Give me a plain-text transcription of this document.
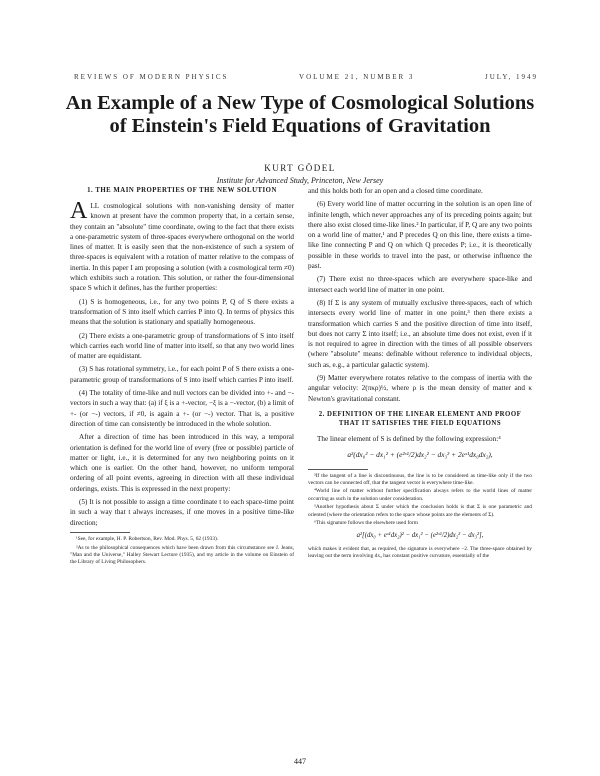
REVIEWS OF MODERN PHYSICS	VOLUME 21, NUMBER 3	JULY, 1949
An Example of a New Type of Cosmological Solutions of Einstein's Field Equations of Gravitation
KURT GÖDEL
Institute for Advanced Study, Princeton, New Jersey
1. THE MAIN PROPERTIES OF THE NEW SOLUTION

ALL cosmological solutions with non-vanishing density of matter known at present have the common property that, in a certain sense, they contain an "absolute" time coordinate, owing to the fact that there exists a one-parametric system of three-spaces everywhere orthogonal on the world lines of matter. It is easily seen that the non-existence of such a system of three-spaces is equivalent with a rotation of matter relative to the compass of inertia. In this paper I am proposing a solution (with a cosmological term ≠0) which exhibits such a rotation. This solution, or rather the four-dimensional space S which it defines, has the further properties:

(1) S is homogeneous, i.e., for any two points P, Q of S there exists a transformation of S into itself which carries P into Q. In terms of physics this means that the solution is stationary and spatially homogeneous.

(2) There exists a one-parametric group of transformations of S into itself which carries each world line of matter into itself, so that any two world lines of matter are equidistant.

(3) S has rotational symmetry, i.e., for each point P of S there exists a one-parametric group of transformations of S into itself which carries P into itself.

(4) The totality of time-like and null vectors can be divided into +- and −-vectors in such a way that: (a) if ξ is a +-vector, −ξ is a −-vector, (b) a limit of +- (or −-) vectors, if ≠0, is again a +- (or −-) vector. That is, a positive direction of time can consistently be introduced in the whole solution.

After a direction of time has been introduced in this way, a temporal orientation is defined for the world line of every (free or possible) particle of matter or light, i.e., it is determined for any two neighboring points on it which one is earlier. On the other hand, however, no uniform temporal ordering of all point events, agreeing in direction with all these individual orderings, exists. This is expressed in the next property:

(5) It is not possible to assign a time coordinate t to each space-time point in such a way that t always increases, if one moves in a positive time-like direction;

¹See, for example, H. P. Robertson, Rev. Mod. Phys. 5, 62 (1933).
²As to the philosophical consequences which have been drawn from this circumstance see J. Jeans, "Man and the Universe," Halley Stewart Lecture (1935), and my article in the volume on Einstein of the Library of Living Philosophers.

and this holds both for an open and a closed time coordinate.

(6) Every world line of matter occurring in the solution is an open line of infinite length, which never approaches any of its preceding points again; but there also exist closed time-like lines.² In particular, if P, Q are any two points on a world line of matter,¹ and P precedes Q on this line, there exists a time-like line connecting P and Q on which Q precedes P; i.e., it is theoretically possible in these worlds to travel into the past, or otherwise influence the past.

(7) There exist no three-spaces which are everywhere space-like and intersect each world line of matter in one point.

(8) If Σ is any system of mutually exclusive three-spaces, each of which intersects every world line of matter in one point,³ then there exists a transformation which carries S and the positive direction of time into itself, but does not carry Σ into itself; i.e., an absolute time does not exist, even if it is not required to agree in direction with the times of all possible observers (where "absolute" means: definable without reference to individual objects, such as, e.g., a particular galactic system).

(9) Matter everywhere rotates relative to the compass of inertia with the angular velocity: 2(πκρ)½, where ρ is the mean density of matter and κ Newton's gravitational constant.

2. DEFINITION OF THE LINEAR ELEMENT AND PROOF THAT IT SATISFIES THE FIELD EQUATIONS

The linear element of S is defined by the following expression:⁴

a²(dx₀² − dx₁² + (e²ˣ¹/2)dx₂² − dx₃² + 2eˣ¹dx₀dx₂),
³If the tangent of a line is discontinuous, the line is to be considered as time-like only if the two vectors can be connected off, that the tangent vector is everywhere time-like.
⁴World line of matter without further specification always refers to the world lines of matter occurring as such in the solution under consideration.
⁵Another hypothesis about Σ under which the conclusion holds is that Σ is one parametric and oriented (where the orientation refers to the space whose points are the elements of Σ).
⁶This signature follows the elsewhere used form
a²[(dx₀ + eˣ¹dx₂)² − dx₁² − (e²ˣ¹/2)dx₂² − dx₃²],
which makes it evident that, as required, the signature is everywhere −2. The three-space obtained by leaving out the term involving dx₃ has constant positive curvature, essentially of the
447
